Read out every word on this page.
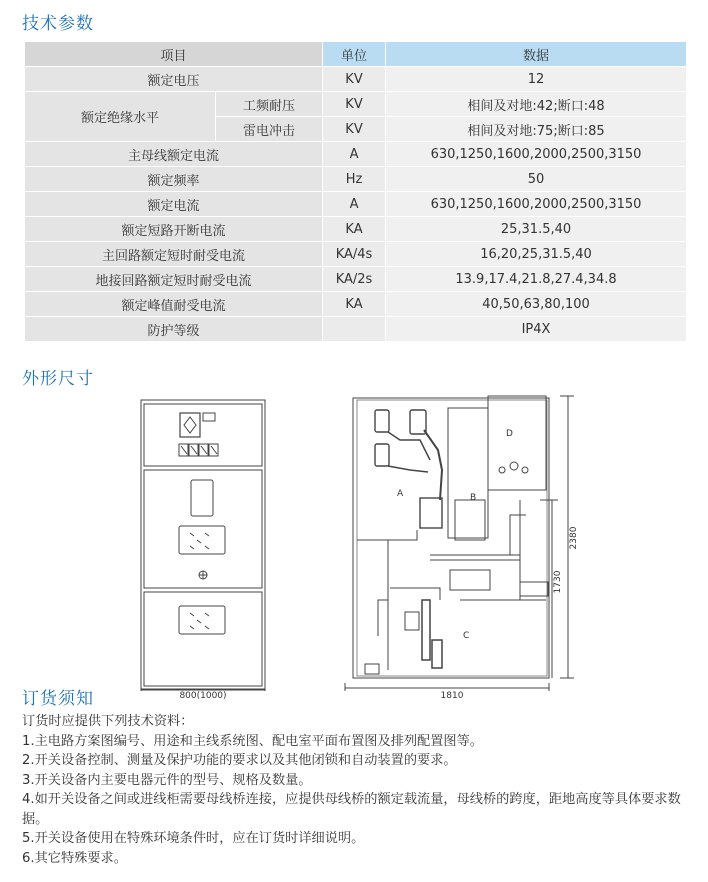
技术参数
项目		单位	数据
额定电压		KV	12
额定绝缘水平	工频耐压	KV	相间及对地:42;断口:48
	雷电冲击	KV	相间及对地:75;断口:85
主母线额定电流		A	630,1250,1600,2000,2500,3150
额定频率		Hz	50
额定电流		A	630,1250,1600,2000,2500,3150
额定短路开断电流		KA	25,31.5,40
主回路额定短时耐受电流		KA/4s	16,20,25,31.5,40
地接回路额定短时耐受电流		KA/2s	13.9,17.4,21.8,27.4,34.8
额定峰值耐受电流		KA	40,50,63,80,100
防护等级			IP4X
外形尺寸
800(1000)	1810
2380
1730
A	B
C
D
订货须知

订货时应提供下列技术资料：

1.主电路方案图编号、用途和主线系统图、配电室平面布置图及排列配置图等。

2.开关设备控制、测量及保护功能的要求以及其他闭锁和自动装置的要求。

3.开关设备内主要电器元件的型号、规格及数量。

4.如开关设备之间或进线柜需要母线桥连接，应提供母线桥的额定载流量，母线桥的跨度，距地高度等具体要求数据。

5.开关设备使用在特殊环境条件时，应在订货时详细说明。

6.其它特殊要求。
